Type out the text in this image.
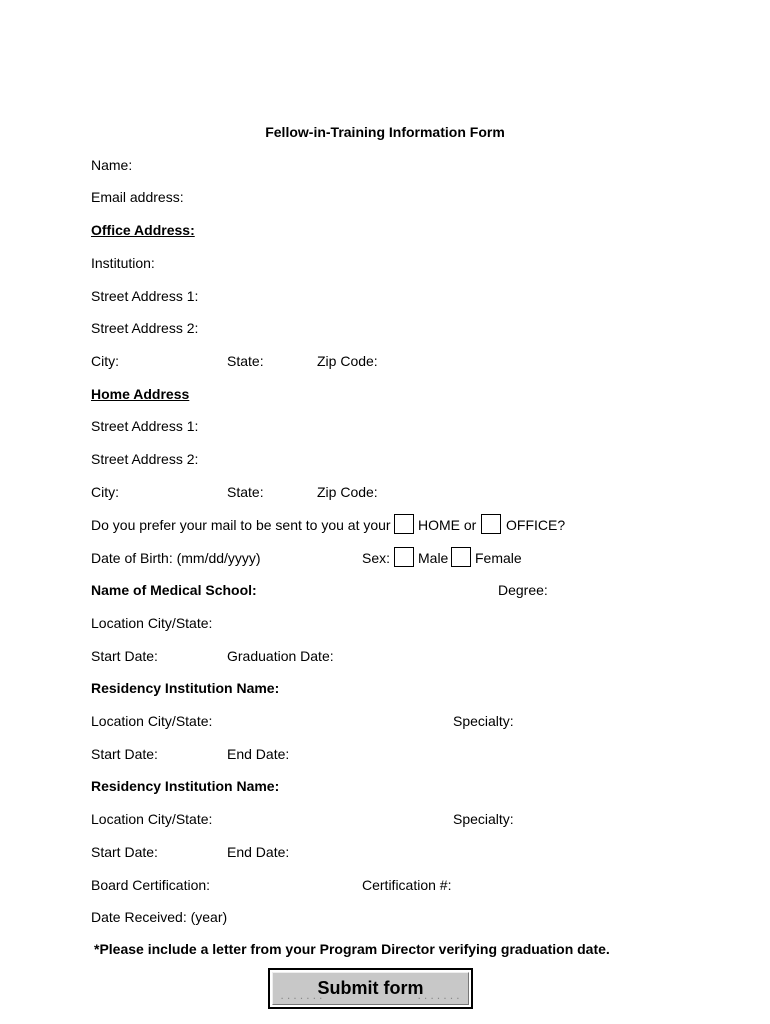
Fellow-in-Training Information Form
Name:
Email address:
Office Address:
Institution:
Street Address 1:
Street Address 2:
City:	State:	Zip Code:
Home Address
Street Address 1:
Street Address 2:
City:	State:	Zip Code:
Do you prefer your mail to be sent to you at your HOME or OFFICE?
Date of Birth: (mm/dd/yyyy)	Sex: Male Female
Name of Medical School:	Degree:
Location City/State:
Start Date:	Graduation Date:
Residency Institution Name:
Location City/State:	Specialty:
Start Date:	End Date:
Residency Institution Name:
Location City/State:	Specialty:
Start Date:	End Date:
Board Certification:	Certification #:
Date Received: (year)
*Please include a letter from your Program Director verifying graduation date.
Submit form
. . . . . . .	. . . . . . .
